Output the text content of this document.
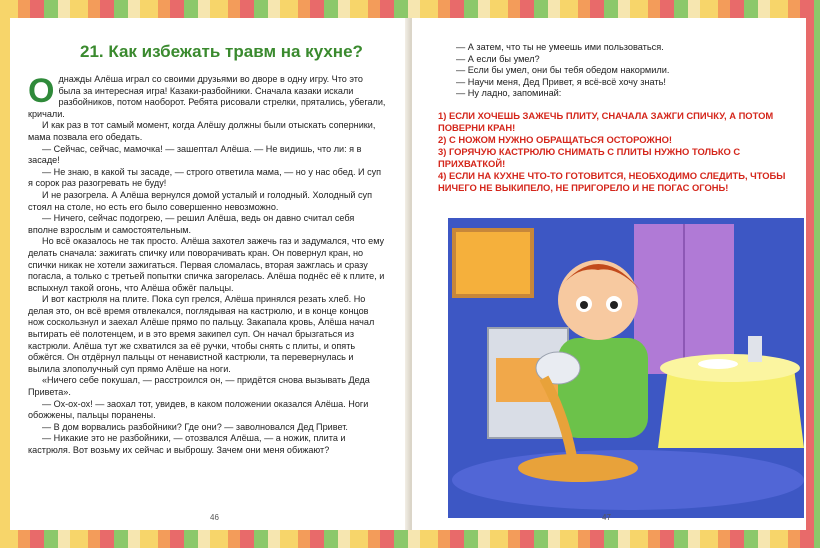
21. Как избежать травм на кухне?

Однажды Алёша играл со своими друзьями во дворе в одну игру. Что это была за интересная игра! Казаки-разбойники. Сначала казаки искали разбойников, потом наоборот. Ребята рисовали стрелки, прятались, убегали, кричали.

И как раз в тот самый момент, когда Алёшу должны были отыскать соперники, мама позвала его обедать.

— Сейчас, сейчас, мамочка! — зашептал Алёша. — Не видишь, что ли: я в засаде!

— Не знаю, в какой ты засаде, — строго ответила мама, — но у нас обед. И суп я сорок раз разогревать не буду!

И не разогрела. А Алёша вернулся домой усталый и голодный. Холодный суп стоял на столе, но есть его было совершенно невозможно.

— Ничего, сейчас подогрею, — решил Алёша, ведь он давно считал себя вполне взрослым и самостоятельным.

Но всё оказалось не так просто. Алёша захотел зажечь газ и задумался, что ему делать сначала: зажигать спичку или поворачивать кран. Он повернул кран, но спички никак не хотели зажигаться. Первая сломалась, вторая зажглась и сразу погасла, а только с третьей попытки спичка загорелась. Алёша поднёс её к плите, и вспыхнул такой огонь, что Алёша обжёг пальцы.

И вот кастрюля на плите. Пока суп грелся, Алёша принялся резать хлеб. Но делая это, он всё время отвлекался, поглядывая на кастрюлю, и в конце концов нож соскользнул и заехал Алёше прямо по пальцу. Закапала кровь, Алёша начал вытирать её полотенцем, и в это время закипел суп. Он начал брызгаться из кастрюли. Алёша тут же схватился за её ручки, чтобы снять с плиты, и опять обжёгся. Он отдёрнул пальцы от ненавистной кастрюли, та перевернулась и вылила злополучный суп прямо Алёше на ноги.

«Ничего себе покушал, — расстроился он, — придётся снова вызывать Деда Привета».

— Ох-ох-ох! — заохал тот, увидев, в каком положении оказался Алёша. Ноги обожжены, пальцы поранены.

— В дом ворвались разбойники? Где они? — заволновался Дед Привет.

— Никакие это не разбойники, — отозвался Алёша, — а ножик, плита и кастрюля. Вот возьму их сейчас и выброшу. Зачем они меня обижают?

46

— А затем, что ты не умеешь ими пользоваться.

— А если бы умел?

— Если бы умел, они бы тебя обедом накормили.

— Научи меня, Дед Привет, я всё-всё хочу знать!

— Ну ладно, запоминай:

1) ЕСЛИ ХОЧЕШЬ ЗАЖЕЧЬ ПЛИТУ, СНАЧАЛА ЗАЖГИ СПИЧКУ, А ПОТОМ ПОВЕРНИ КРАН!

2) С НОЖОМ НУЖНО ОБРАЩАТЬСЯ ОСТОРОЖНО!

3) ГОРЯЧУЮ КАСТРЮЛЮ СНИМАТЬ С ПЛИТЫ НУЖНО ТОЛЬКО С ПРИХВАТКОЙ!

4) ЕСЛИ НА КУХНЕ ЧТО-ТО ГОТОВИТСЯ, НЕОБХОДИМО СЛЕДИТЬ, ЧТОБЫ НИЧЕГО НЕ ВЫКИПЕЛО, НЕ ПРИГОРЕЛО И НЕ ПОГАС ОГОНЬ!

47
